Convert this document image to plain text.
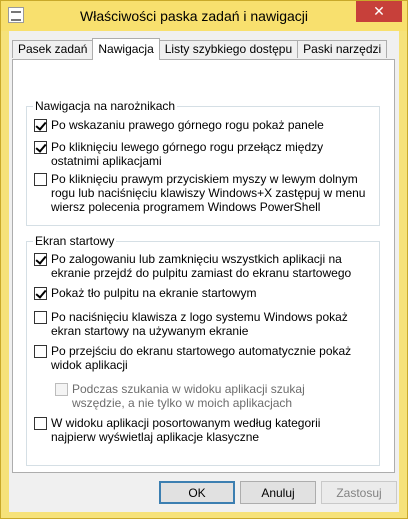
Właściwości paska zadań i nawigacji	✕
Pasek zadań Nawigacja Listy szybkiego dostępu Paski narzędzi
Nawigacja na narożnikach
Po wskazaniu prawego górnego rogu pokaż panele
Po kliknięciu lewego górnego rogu przełącz między ostatnimi aplikacjami
Po kliknięciu prawym przyciskiem myszy w lewym dolnym rogu lub naciśnięciu klawiszy Windows+X zastępuj w menu wiersz polecenia programem Windows PowerShell
Ekran startowy
Po zalogowaniu lub zamknięciu wszystkich aplikacji na ekranie przejdź do pulpitu zamiast do ekranu startowego
Pokaż tło pulpitu na ekranie startowym
Po naciśnięciu klawisza z logo systemu Windows pokaż ekran startowy na używanym ekranie
Po przejściu do ekranu startowego automatycznie pokaż widok aplikacji
Podczas szukania w widoku aplikacji szukaj wszędzie, a nie tylko w moich aplikacjach
W widoku aplikacji posortowanym według kategorii najpierw wyświetlaj aplikacje klasyczne
OK	Anuluj	Zastosuj
